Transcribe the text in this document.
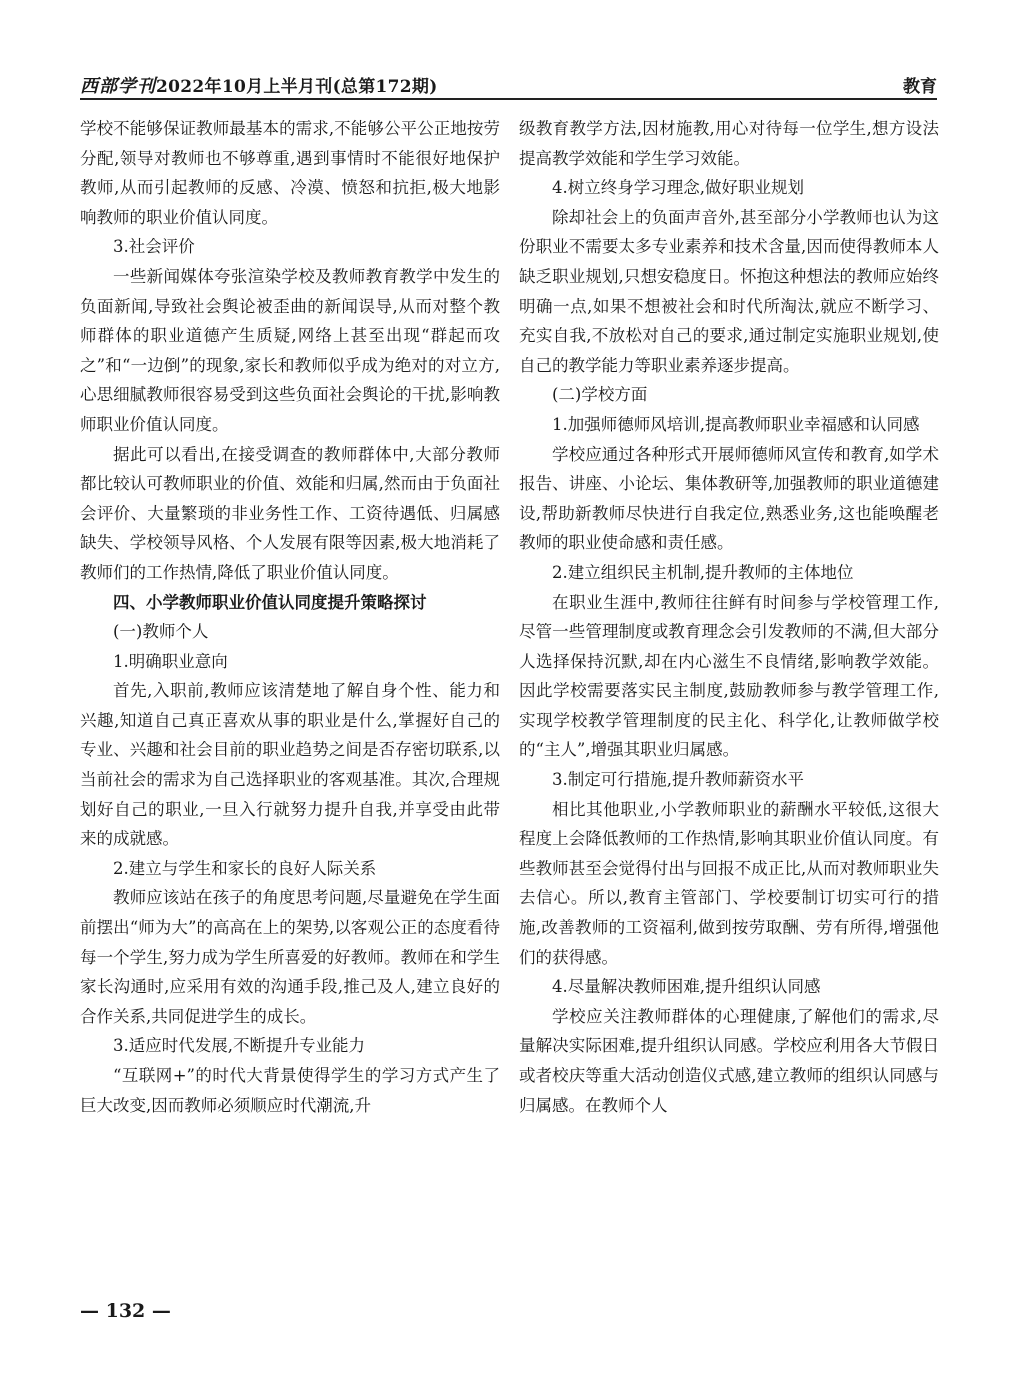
西部学刊2022年10月上半月刊(总第172期)	教育

学校不能够保证教师最基本的需求,不能够公平公正地按劳分配,领导对教师也不够尊重,遇到事情时不能很好地保护教师,从而引起教师的反感、冷漠、愤怒和抗拒,极大地影响教师的职业价值认同度。

3.社会评价

一些新闻媒体夸张渲染学校及教师教育教学中发生的负面新闻,导致社会舆论被歪曲的新闻误导,从而对整个教师群体的职业道德产生质疑,网络上甚至出现“群起而攻之”和“一边倒”的现象,家长和教师似乎成为绝对的对立方,心思细腻教师很容易受到这些负面社会舆论的干扰,影响教师职业价值认同度。

据此可以看出,在接受调查的教师群体中,大部分教师都比较认可教师职业的价值、效能和归属,然而由于负面社会评价、大量繁琐的非业务性工作、工资待遇低、归属感缺失、学校领导风格、个人发展有限等因素,极大地消耗了教师们的工作热情,降低了职业价值认同度。

四、小学教师职业价值认同度提升策略探讨

(一)教师个人

1.明确职业意向

首先,入职前,教师应该清楚地了解自身个性、能力和兴趣,知道自己真正喜欢从事的职业是什么,掌握好自己的专业、兴趣和社会目前的职业趋势之间是否存密切联系,以当前社会的需求为自己选择职业的客观基准。其次,合理规划好自己的职业,一旦入行就努力提升自我,并享受由此带来的成就感。

2.建立与学生和家长的良好人际关系

教师应该站在孩子的角度思考问题,尽量避免在学生面前摆出“师为大”的高高在上的架势,以客观公正的态度看待每一个学生,努力成为学生所喜爱的好教师。教师在和学生家长沟通时,应采用有效的沟通手段,推己及人,建立良好的合作关系,共同促进学生的成长。

3.适应时代发展,不断提升专业能力

“互联网+”的时代大背景使得学生的学习方式产生了巨大改变,因而教师必须顺应时代潮流,升

级教育教学方法,因材施教,用心对待每一位学生,想方设法提高教学效能和学生学习效能。

4.树立终身学习理念,做好职业规划

除却社会上的负面声音外,甚至部分小学教师也认为这份职业不需要太多专业素养和技术含量,因而使得教师本人缺乏职业规划,只想安稳度日。怀抱这种想法的教师应始终明确一点,如果不想被社会和时代所淘汰,就应不断学习、充实自我,不放松对自己的要求,通过制定实施职业规划,使自己的教学能力等职业素养逐步提高。

(二)学校方面

1.加强师德师风培训,提高教师职业幸福感和认同感

学校应通过各种形式开展师德师风宣传和教育,如学术报告、讲座、小论坛、集体教研等,加强教师的职业道德建设,帮助新教师尽快进行自我定位,熟悉业务,这也能唤醒老教师的职业使命感和责任感。

2.建立组织民主机制,提升教师的主体地位

在职业生涯中,教师往往鲜有时间参与学校管理工作,尽管一些管理制度或教育理念会引发教师的不满,但大部分人选择保持沉默,却在内心滋生不良情绪,影响教学效能。因此学校需要落实民主制度,鼓励教师参与教学管理工作,实现学校教学管理制度的民主化、科学化,让教师做学校的“主人”,增强其职业归属感。

3.制定可行措施,提升教师薪资水平

相比其他职业,小学教师职业的薪酬水平较低,这很大程度上会降低教师的工作热情,影响其职业价值认同度。有些教师甚至会觉得付出与回报不成正比,从而对教师职业失去信心。所以,教育主管部门、学校要制订切实可行的措施,改善教师的工资福利,做到按劳取酬、劳有所得,增强他们的获得感。

4.尽量解决教师困难,提升组织认同感

学校应关注教师群体的心理健康,了解他们的需求,尽量解决实际困难,提升组织认同感。学校应利用各大节假日或者校庆等重大活动创造仪式感,建立教师的组织认同感与归属感。在教师个人

— 132 —
